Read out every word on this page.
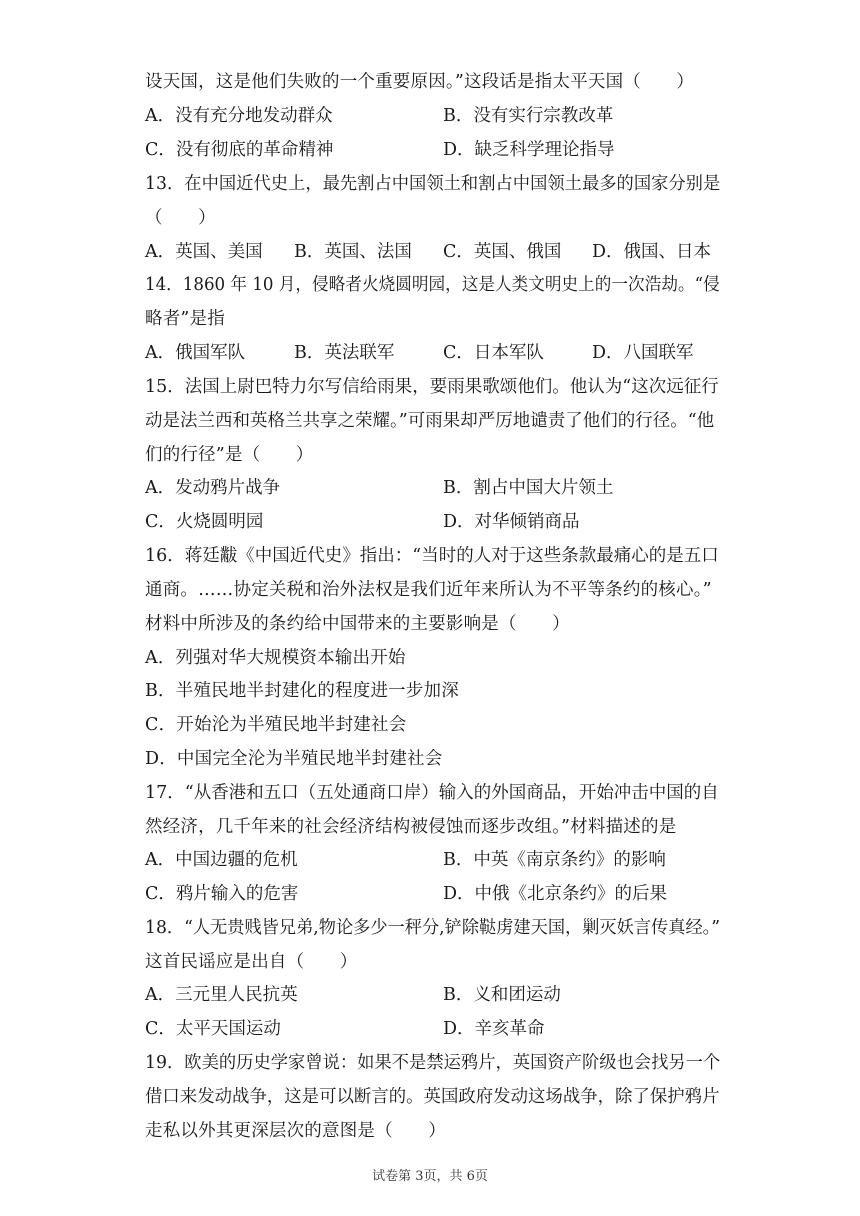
设天国，这是他们失败的一个重要原因。”这段话是指太平天国（　　）
A．没有充分地发动群众	B．没有实行宗教改革
C．没有彻底的革命精神	D．缺乏科学理论指导
13．在中国近代史上，最先割占中国领土和割占中国领土最多的国家分别是
（　　）
A．英国、美国 B．英国、法国 C．英国、俄国 D．俄国、日本
14．1860 年 10 月，侵略者火烧圆明园，这是人类文明史上的一次浩劫。“侵
略者”是指
A．俄国军队	B．英法联军	C．日本军队	D．八国联军
15．法国上尉巴特力尔写信给雨果，要雨果歌颂他们。他认为“这次远征行
动是法兰西和英格兰共享之荣耀。”可雨果却严厉地谴责了他们的行径。“他
们的行径”是（　　）
A．发动鸦片战争	B．割占中国大片领土
C．火烧圆明园	D．对华倾销商品
16．蒋廷黻《中国近代史》指出：“当时的人对于这些条款最痛心的是五口
通商。……协定关税和治外法权是我们近年来所认为不平等条约的核心。”
材料中所涉及的条约给中国带来的主要影响是（　　）
A．列强对华大规模资本输出开始
B．半殖民地半封建化的程度进一步加深
C．开始沦为半殖民地半封建社会
D．中国完全沦为半殖民地半封建社会
17．“从香港和五口（五处通商口岸）输入的外国商品，开始冲击中国的自
然经济，几千年来的社会经济结构被侵蚀而逐步改组。”材料描述的是
A．中国边疆的危机	B．中英《南京条约》的影响
C．鸦片输入的危害	D．中俄《北京条约》的后果
18．“人无贵贱皆兄弟,物论多少一秤分,铲除鞑虏建天国，剿灭妖言传真经。”
这首民谣应是出自（　　）
A．三元里人民抗英	B．义和团运动
C．太平天国运动	D．辛亥革命
19．欧美的历史学家曾说：如果不是禁运鸦片，英国资产阶级也会找另一个
借口来发动战争，这是可以断言的。英国政府发动这场战争，除了保护鸦片
走私以外其更深层次的意图是（　　）
试卷第 3页，共 6页
